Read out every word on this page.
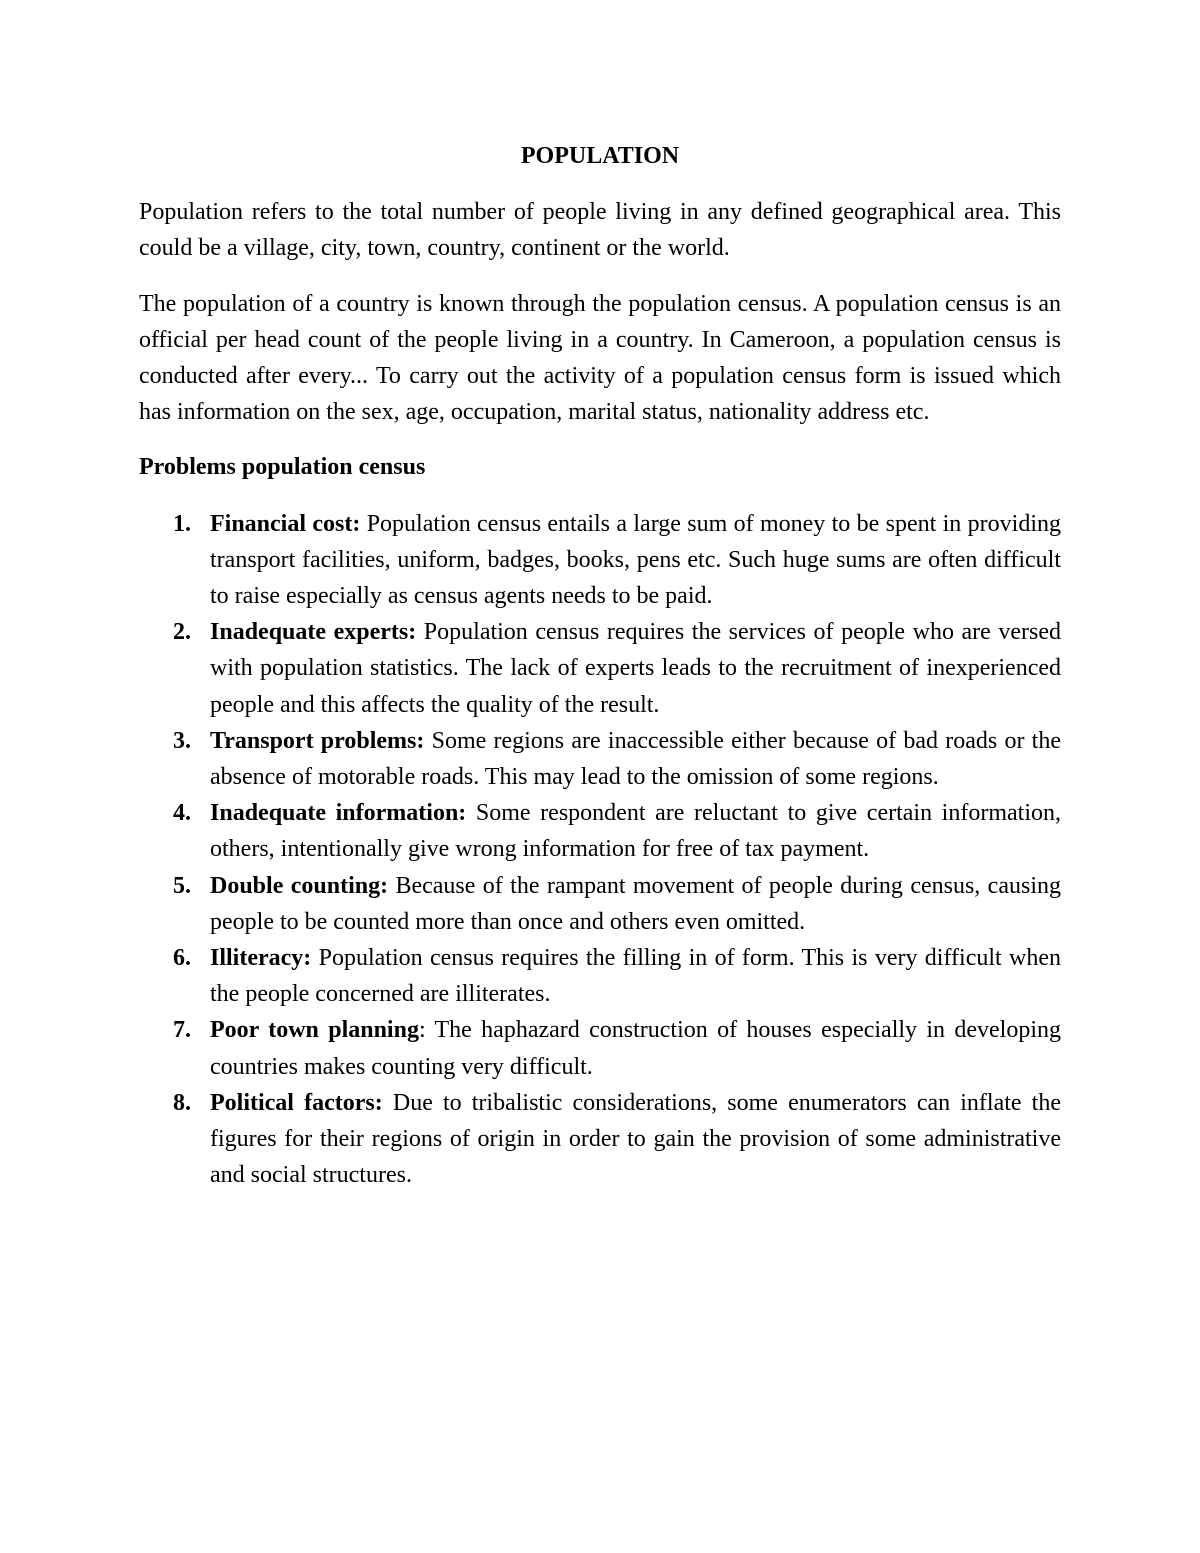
POPULATION

Population refers to the total number of people living in any defined geographical area. This could be a village, city, town, country, continent or the world.

The population of a country is known through the population census. A population census is an official per head count of the people living in a country. In Cameroon, a population census is conducted after every... To carry out the activity of a population census form is issued which has information on the sex, age, occupation, marital status, nationality address etc.

Problems population census
1. Financial cost: Population census entails a large sum of money to be spent in providing transport facilities, uniform, badges, books, pens etc. Such huge sums are often difficult to raise especially as census agents needs to be paid.
2. Inadequate experts: Population census requires the services of people who are versed with population statistics. The lack of experts leads to the recruitment of inexperienced people and this affects the quality of the result.
3. Transport problems: Some regions are inaccessible either because of bad roads or the absence of motorable roads. This may lead to the omission of some regions.
4. Inadequate information: Some respondent are reluctant to give certain information, others, intentionally give wrong information for free of tax payment.
5. Double counting: Because of the rampant movement of people during census, causing people to be counted more than once and others even omitted.
6. Illiteracy: Population census requires the filling in of form. This is very difficult when the people concerned are illiterates.
7. Poor town planning: The haphazard construction of houses especially in developing countries makes counting very difficult.
8. Political factors: Due to tribalistic considerations, some enumerators can inflate the figures for their regions of origin in order to gain the provision of some administrative and social structures.
